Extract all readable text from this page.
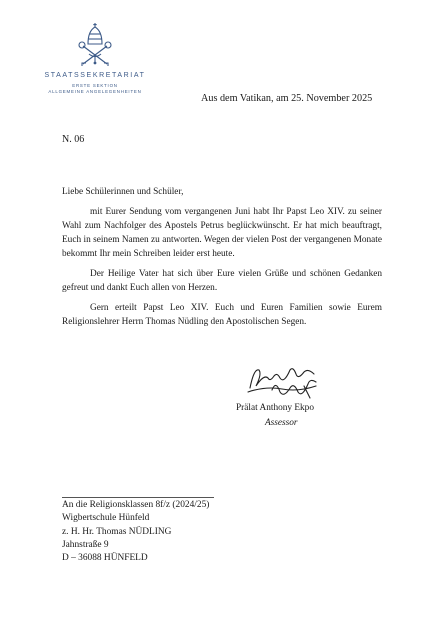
STAATSSEKRETARIAT
ERSTE SEKTION
ALLGEMEINE ANGELEGENHEITEN
Aus dem Vatikan, am 25. November 2025
N. 06

Liebe Schülerinnen und Schüler,

mit Eurer Sendung vom vergangenen Juni habt Ihr Papst Leo XIV. zu seiner Wahl zum Nachfolger des Apostels Petrus beglückwünscht. Er hat mich beauftragt, Euch in seinem Namen zu antworten. Wegen der vielen Post der vergangenen Monate bekommt Ihr mein Schreiben leider erst heute.

Der Heilige Vater hat sich über Eure vielen Grüße und schönen Gedanken gefreut und dankt Euch allen von Herzen.

Gern erteilt Papst Leo XIV. Euch und Euren Familien sowie Eurem Religionslehrer Herrn Thomas Nüdling den Apostolischen Segen.

Prälat Anthony Ekpo
Assessor
An die Religionsklassen 8f/z (2024/25)
Wigbertschule Hünfeld
z. H. Hr. Thomas NÜDLING
Jahnstraße 9
D – 36088 HÜNFELD
